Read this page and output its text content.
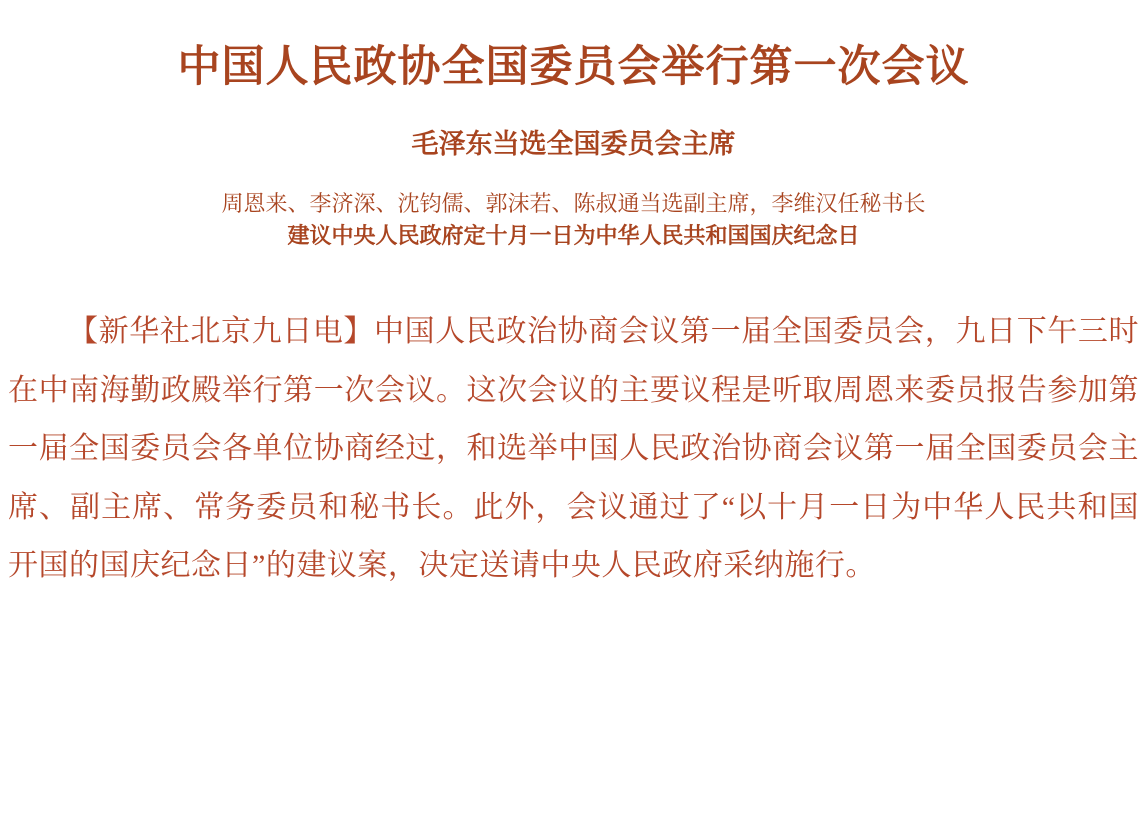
中国人民政协全国委员会举行第一次会议
毛泽东当选全国委员会主席

周恩来、李济深、沈钧儒、郭沫若、陈叔通当选副主席，李维汉任秘书长

建议中央人民政府定十月一日为中华人民共和国国庆纪念日

【新华社北京九日电】中国人民政治协商会议第一届全国委员会，九日下午三时在中南海勤政殿举行第一次会议。这次会议的主要议程是听取周恩来委员报告参加第一届全国委员会各单位协商经过，和选举中国人民政治协商会议第一届全国委员会主席、副主席、常务委员和秘书长。此外，会议通过了“以十月一日为中华人民共和国开国的国庆纪念日”的建议案，决定送请中央人民政府采纳施行。
